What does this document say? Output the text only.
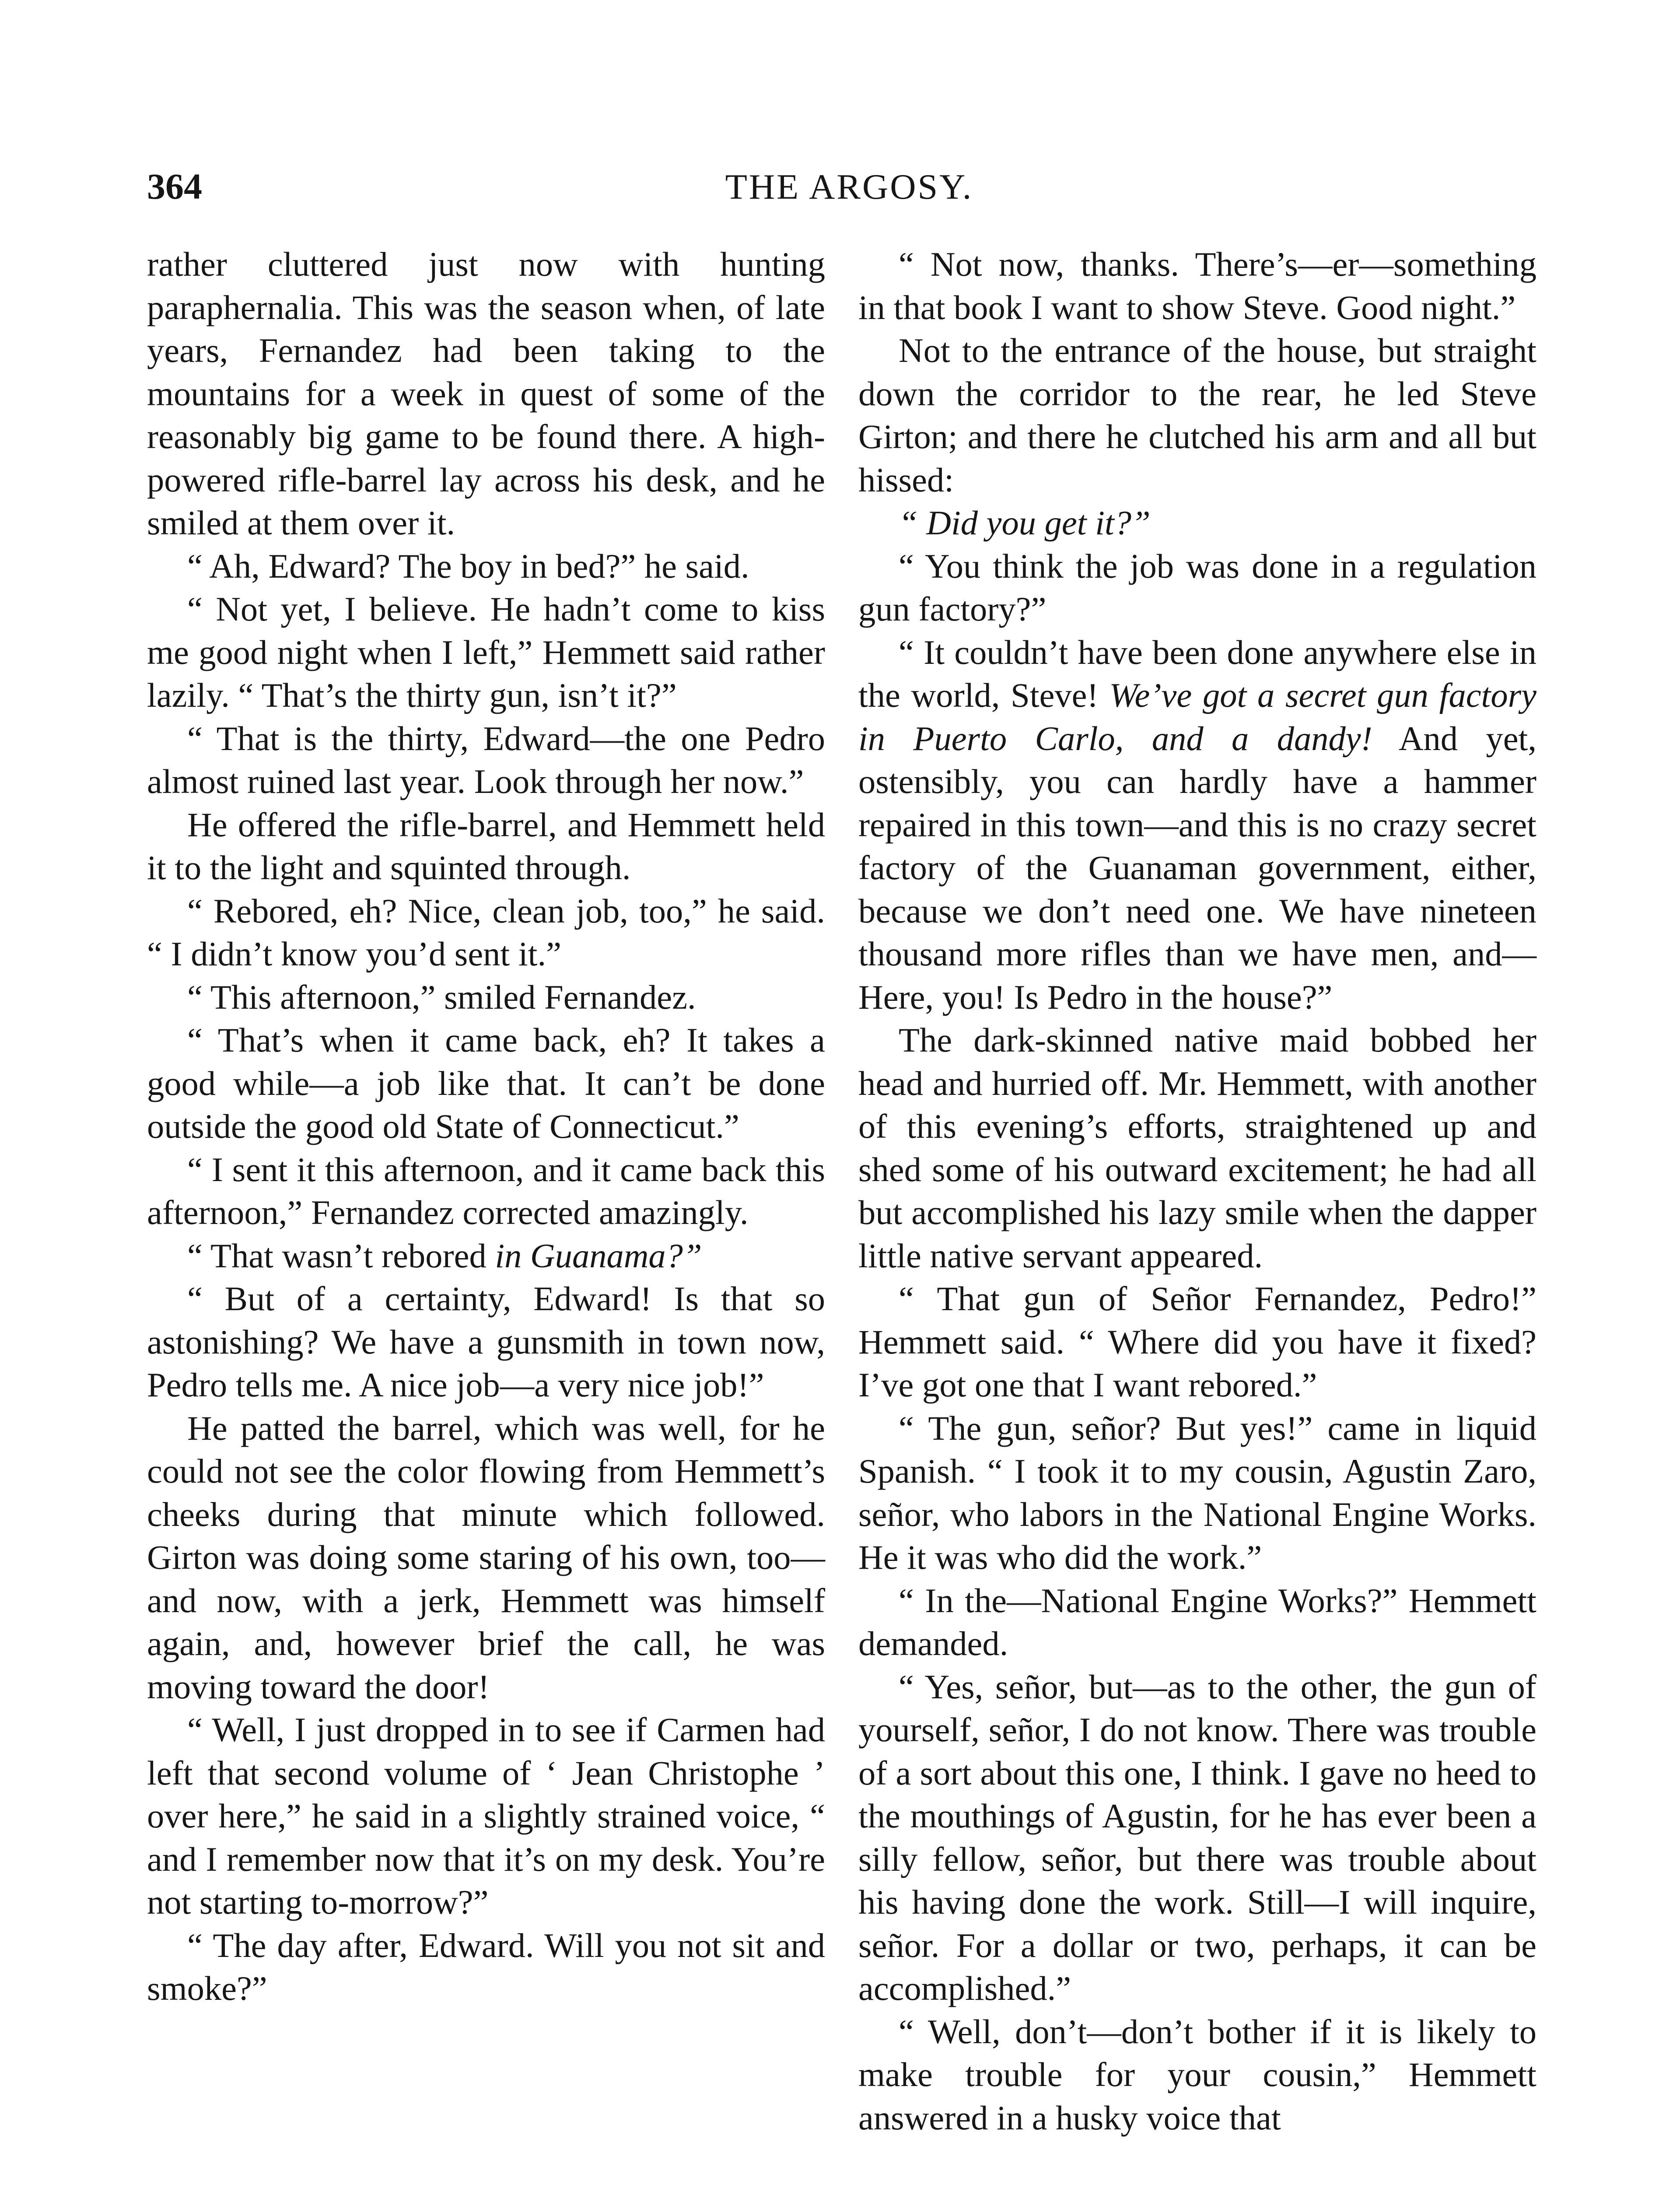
364	THE ARGOSY.

rather cluttered just now with hunting paraphernalia. This was the season when, of late years, Fernandez had been taking to the mountains for a week in quest of some of the reasonably big game to be found there. A high-powered rifle-barrel lay across his desk, and he smiled at them over it.

“ Ah, Edward? The boy in bed?” he said.

“ Not yet, I believe. He hadn’t come to kiss me good night when I left,” Hemmett said rather lazily. “ That’s the thirty gun, isn’t it?”

“ That is the thirty, Edward—the one Pedro almost ruined last year. Look through her now.”

He offered the rifle-barrel, and Hemmett held it to the light and squinted through.

“ Rebored, eh? Nice, clean job, too,” he said. “ I didn’t know you’d sent it.”

“ This afternoon,” smiled Fernandez.

“ That’s when it came back, eh? It takes a good while—a job like that. It can’t be done outside the good old State of Connecticut.”

“ I sent it this afternoon, and it came back this afternoon,” Fernandez corrected amazingly.

“ That wasn’t rebored in Guanama?”

“ But of a certainty, Edward! Is that so astonishing? We have a gunsmith in town now, Pedro tells me. A nice job—a very nice job!”

He patted the barrel, which was well, for he could not see the color flowing from Hemmett’s cheeks during that minute which followed. Girton was doing some staring of his own, too—and now, with a jerk, Hemmett was himself again, and, however brief the call, he was moving toward the door!

“ Well, I just dropped in to see if Carmen had left that second volume of ‘ Jean Christophe ’ over here,” he said in a slightly strained voice, “ and I remember now that it’s on my desk. You’re not starting to-morrow?”

“ The day after, Edward. Will you not sit and smoke?”

“ Not now, thanks. There’s—er—something in that book I want to show Steve. Good night.”

Not to the entrance of the house, but straight down the corridor to the rear, he led Steve Girton; and there he clutched his arm and all but hissed:

“ Did you get it?”

“ You think the job was done in a regulation gun factory?”

“ It couldn’t have been done anywhere else in the world, Steve! We’ve got a secret gun factory in Puerto Carlo, and a dandy! And yet, ostensibly, you can hardly have a hammer repaired in this town—and this is no crazy secret factory of the Guanaman government, either, because we don’t need one. We have nineteen thousand more rifles than we have men, and— Here, you! Is Pedro in the house?”

The dark-skinned native maid bobbed her head and hurried off. Mr. Hemmett, with another of this evening’s efforts, straightened up and shed some of his outward excitement; he had all but accomplished his lazy smile when the dapper little native servant appeared.

“ That gun of Señor Fernandez, Pedro!” Hemmett said. “ Where did you have it fixed? I’ve got one that I want rebored.”

“ The gun, señor? But yes!” came in liquid Spanish. “ I took it to my cousin, Agustin Zaro, señor, who labors in the National Engine Works. He it was who did the work.”

“ In the—National Engine Works?” Hemmett demanded.

“ Yes, señor, but—as to the other, the gun of yourself, señor, I do not know. There was trouble of a sort about this one, I think. I gave no heed to the mouthings of Agustin, for he has ever been a silly fellow, señor, but there was trouble about his having done the work. Still—I will inquire, señor. For a dollar or two, perhaps, it can be accomplished.”

“ Well, don’t—don’t bother if it is likely to make trouble for your cousin,” Hemmett answered in a husky voice that
